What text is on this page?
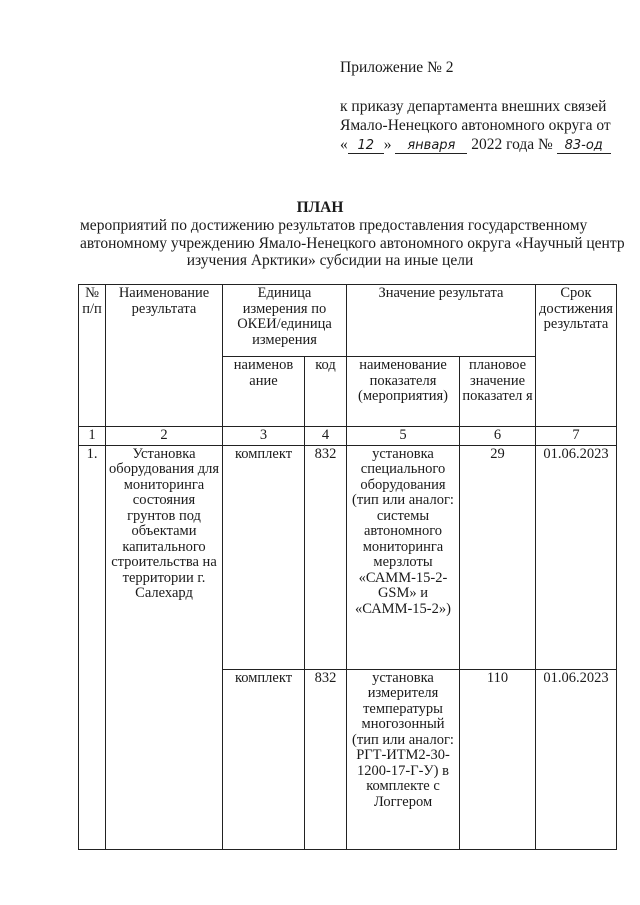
Приложение № 2
к приказу департамента внешних связей
Ямало-Ненецкого автономного округа от
« 12 » января 2022 года № 83-од
ПЛАН
мероприятий по достижению результатов предоставления государственному
автономному учреждению Ямало-Ненецкого автономного округа «Научный центр
изучения Арктики» субсидии на иные цели
№ п/п	Наименование результата	Единица измерения по ОКЕИ/единица измерения		Значение результата		Срок достижения результата
		наименов ание	код	наименование показателя (мероприятия)	плановое значение показател я	
1	2	3	4	5	6	7
1.	Установка оборудования для мониторинга состояния грунтов под объектами капитального строительства на территории г. Салехард	комплект	832	установка специального оборудования (тип или аналог: системы автономного мониторинга мерзлоты «САММ-15-2-GSM» и «САММ-15-2»)	29	01.06.2023
		комплект	832	установка измерителя температуры многозонный (тип или аналог: РГТ-ИТМ2-30-1200-17-Г-У) в комплекте с Логгером	110	01.06.2023
